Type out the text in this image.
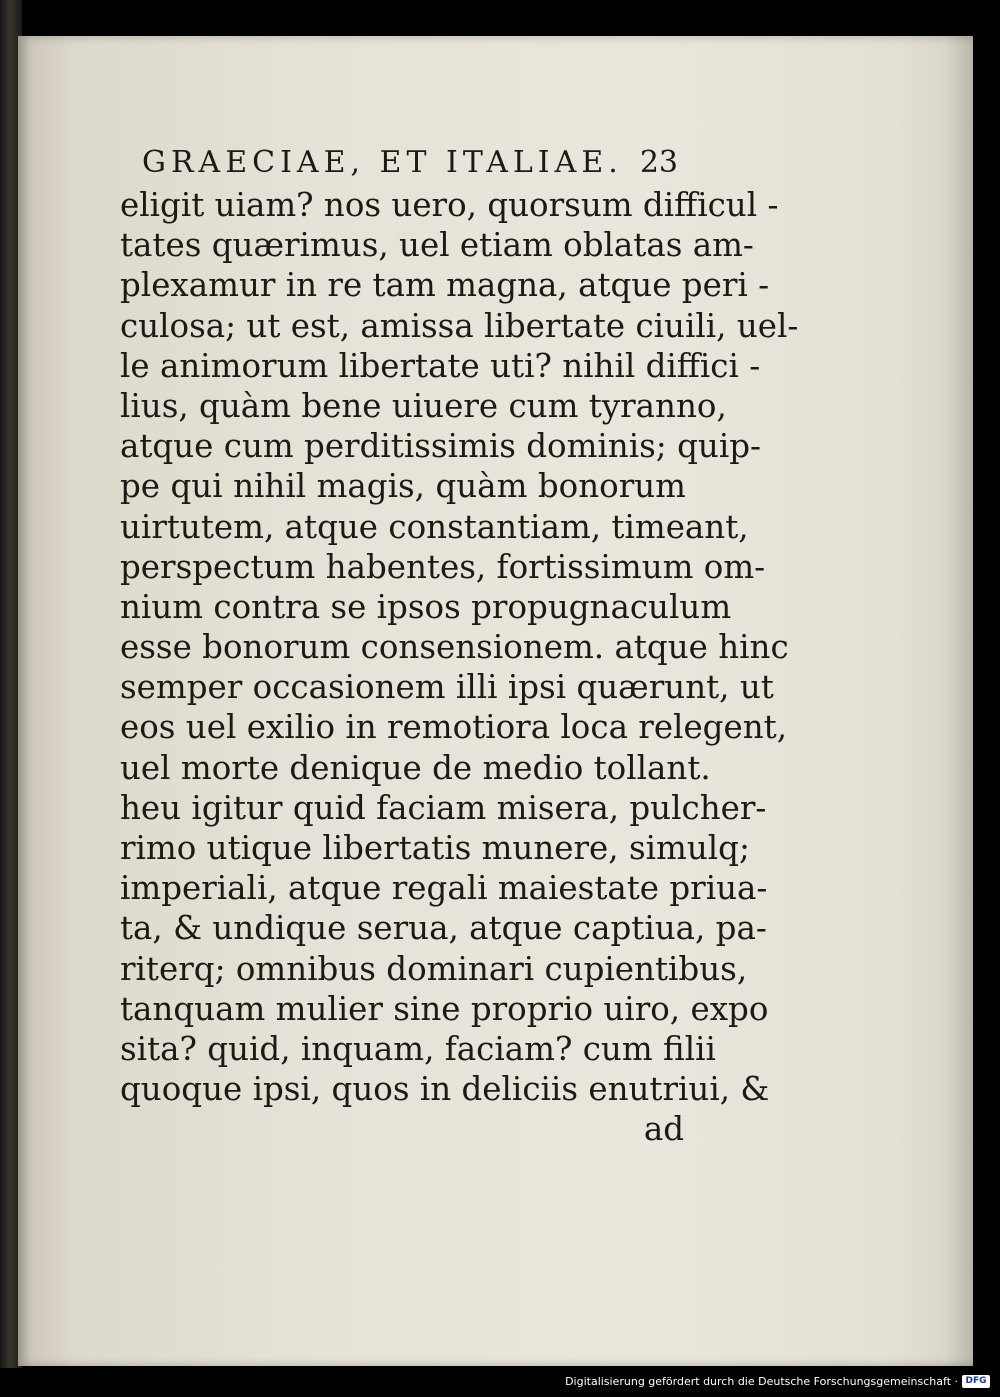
GRAECIAE, ET ITALIAE. 23
eligit uiam? nos uero, quorsum difficul -
tates quærimus, uel etiam oblatas am-
plexamur in re tam magna, atque peri -
culosa; ut est, amissa libertate ciuili, uel-
le animorum libertate uti? nihil diffici -
lius, quàm bene uiuere cum tyranno,
atque cum perditissimis dominis; quip-
pe qui nihil magis, quàm bonorum
uirtutem, atque constantiam, timeant,
perspectum habentes, fortissimum om-
nium contra se ipsos propugnaculum
esse bonorum consensionem. atque hinc
semper occasionem illi ipsi quærunt, ut
eos uel exilio in remotiora loca relegent,
uel morte denique de medio tollant.
heu igitur quid faciam misera, pulcher-
rimo utique libertatis munere, simulq;
imperiali, atque regali maiestate priua-
ta, & undique serua, atque captiua, pa-
riterq; omnibus dominari cupientibus,
tanquam mulier sine proprio uiro, expo
sita? quid, inquam, faciam? cum filii
quoque ipsi, quos in deliciis enutriui, &
ad
Digitalisierung gefördert durch die Deutsche Forschungsgemeinschaft · DFG
